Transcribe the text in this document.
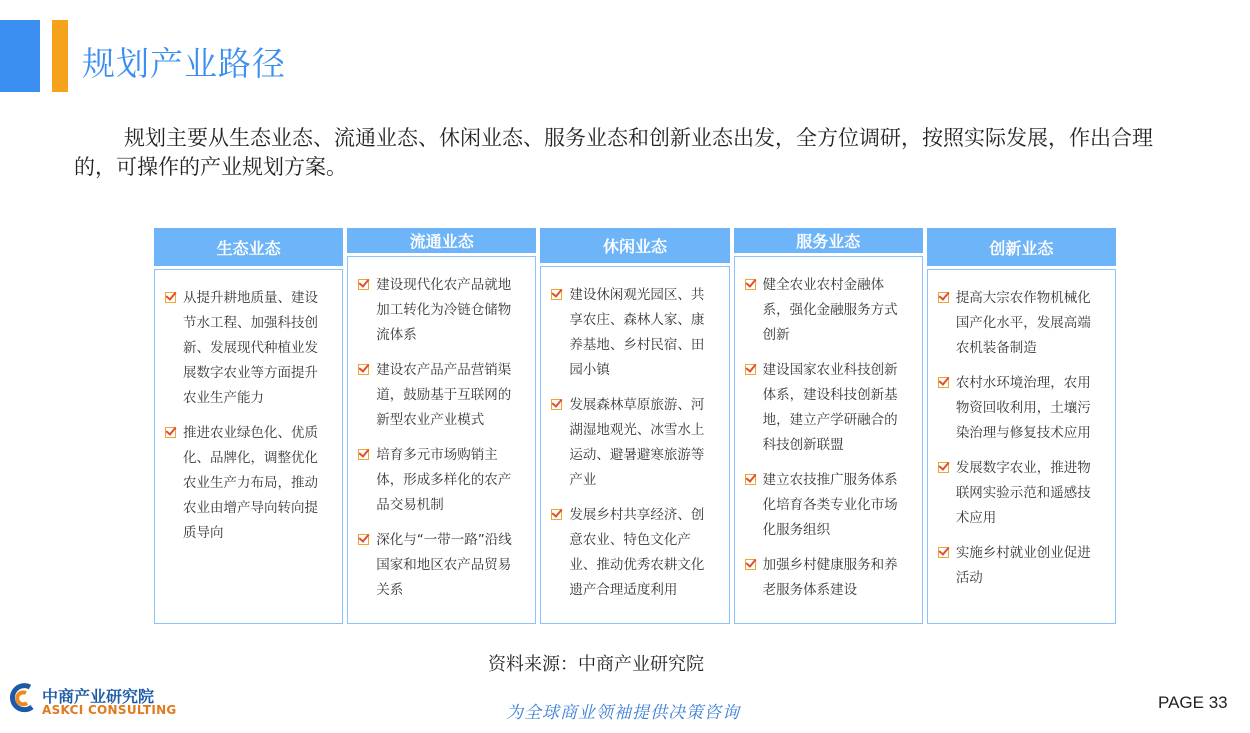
规划产业路径

规划主要从生态业态、流通业态、休闲业态、服务业态和创新业态出发，全方位调研，按照实际发展，作出合理的，可操作的产业规划方案。

生态业态
从提升耕地质量、建设节水工程、加强科技创新、发展现代种植业发展数字农业等方面提升农业生产能力
推进农业绿色化、优质化、品牌化，调整优化农业生产力布局，推动农业由增产导向转向提质导向
流通业态
建设现代化农产品就地加工转化为冷链仓储物流体系
建设农产品产品营销渠道，鼓励基于互联网的新型农业产业模式
培育多元市场购销主体，形成多样化的农产品交易机制
深化与“一带一路”沿线国家和地区农产品贸易关系
休闲业态
建设休闲观光园区、共享农庄、森林人家、康养基地、乡村民宿、田园小镇
发展森林草原旅游、河湖湿地观光、冰雪水上运动、避暑避寒旅游等产业
发展乡村共享经济、创意农业、特色文化产业、推动优秀农耕文化遗产合理适度利用
服务业态
健全农业农村金融体系，强化金融服务方式创新
建设国家农业科技创新体系，建设科技创新基地，建立产学研融合的科技创新联盟
建立农技推广服务体系化培育各类专业化市场化服务组织
加强乡村健康服务和养老服务体系建设
创新业态
提高大宗农作物机械化国产化水平，发展高端农机装备制造
农村水环境治理，农用物资回收利用，土壤污染治理与修复技术应用
发展数字农业，推进物联网实验示范和遥感技术应用
实施乡村就业创业促进活动
资料来源：中商产业研究院
中商产业研究院
ASKCI CONSULTING	为全球商业领袖提供决策咨询
PAGE 33
